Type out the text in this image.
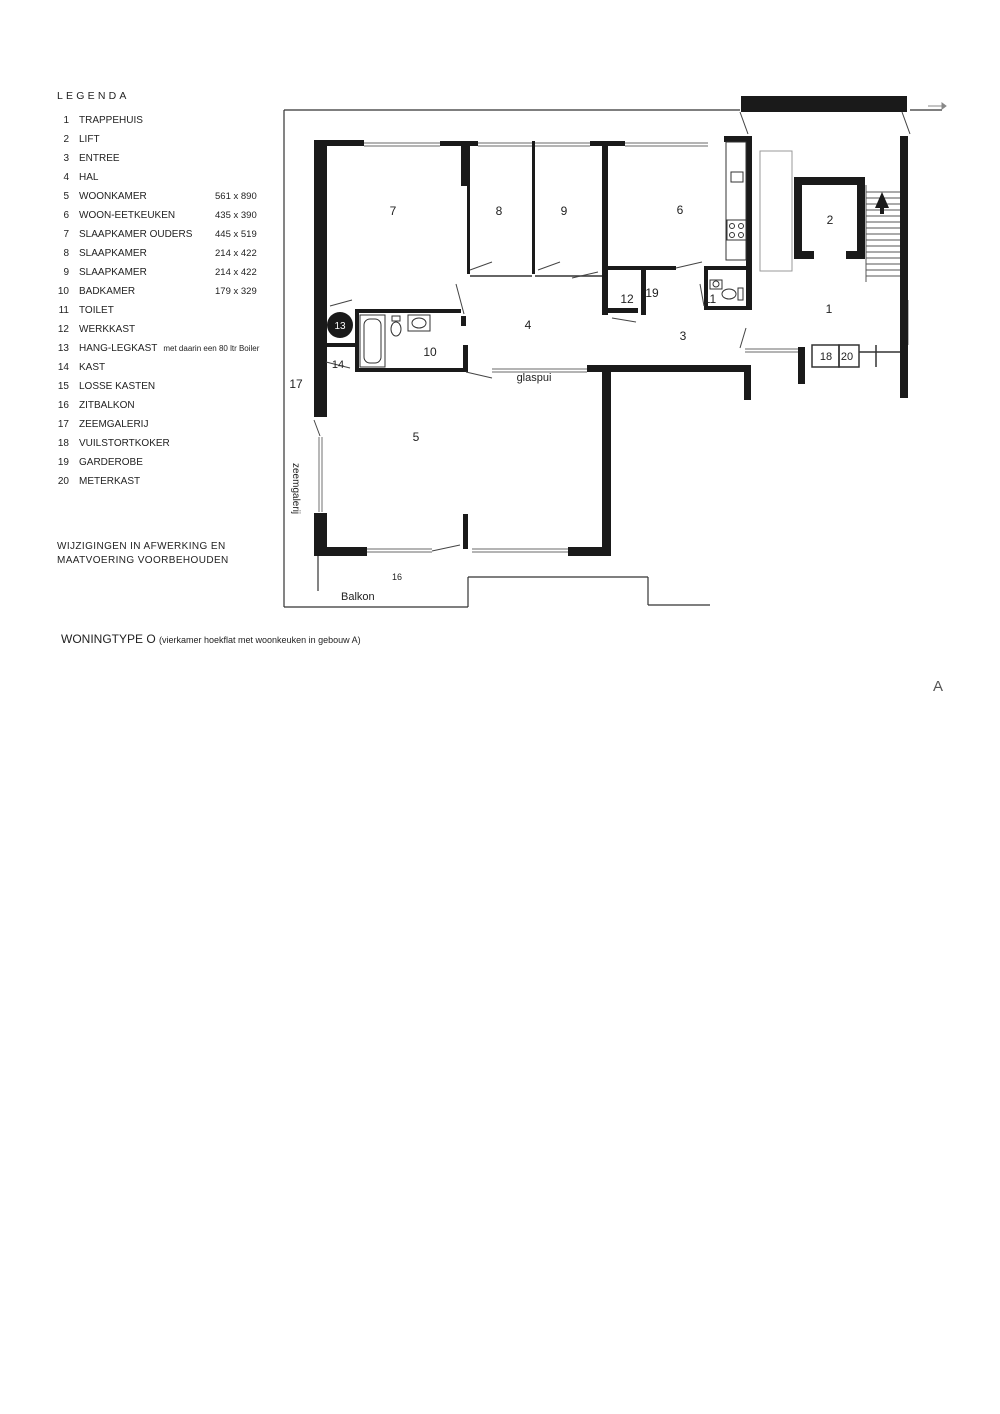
LEGENDA
1 TRAPPEHUIS
2 LIFT
3 ENTREE
4 HAL
5 WOONKAMER	561 x 890
6 WOON-EETKEUKEN	435 x 390
7 SLAAPKAMER OUDERS 445 x 519
8 SLAAPKAMER	214 x 422
9 SLAAPKAMER	214 x 422
10 BADKAMER	179 x 329
11 TOILET
12 WERKKAST
13 HANG-LEGKAST met daarin een 80 ltr Boiler
14 KAST
15 LOSSE KASTEN
16 ZITBALKON
17 ZEEMGALERIJ
18 VUILSTORTKOKER
19 GARDEROBE
20 METERKAST
WIJZIGINGEN IN AFWERKING EN
MAATVOERING VOORBEHOUDEN
WONINGTYPE O (vierkamer hoekflat met woonkeuken in gebouw A)
A
13
1
2
3
4
5
6
7	8	9
10
11
12
14
16
17
18
19
20
glaspui
Balkon
zeemgalerij
